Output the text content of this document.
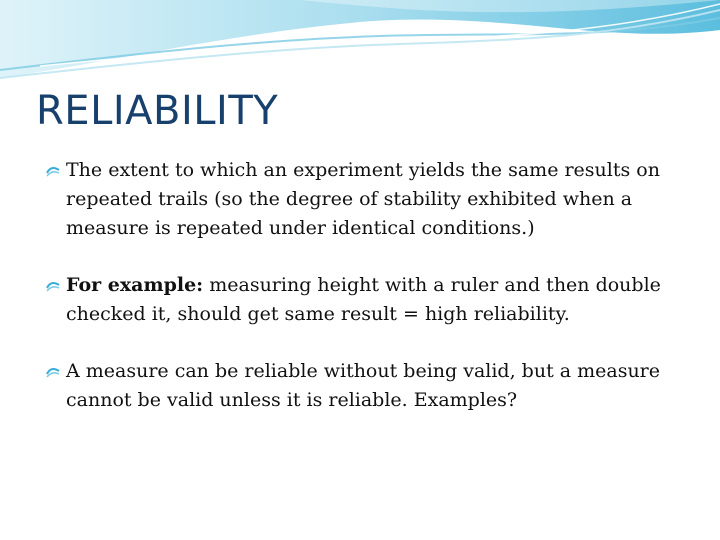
RELIABILITY
The extent to which an experiment yields the same results on repeated trails (so the degree of stability exhibited when a measure is repeated under identical conditions.)
For example: measuring height with a ruler and then double checked it, should get same result = high reliability.
A measure can be reliable without being valid, but a measure cannot be valid unless it is reliable. Examples?
